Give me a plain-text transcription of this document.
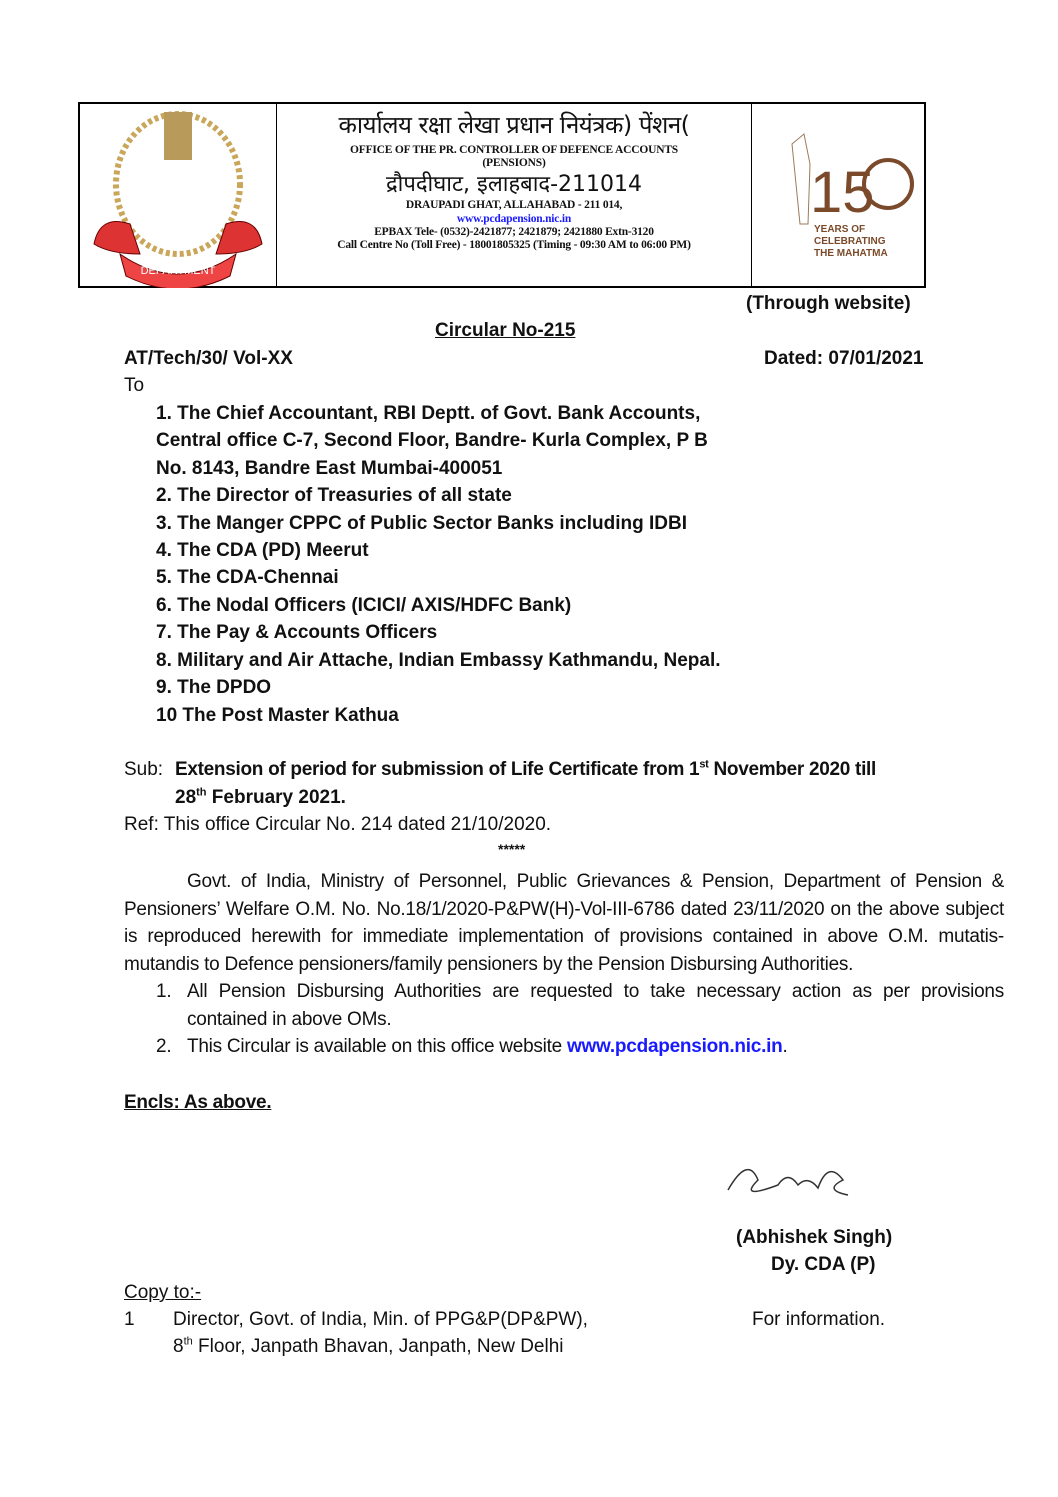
DEPARTMENT
कार्यालय रक्षा लेखा प्रधान नियंत्रक) पेंशन(
OFFICE OF THE PR. CONTROLLER OF DEFENCE ACCOUNTS
(PENSIONS)
द्रौपदीघाट, इलाहबाद-211014
DRAUPADI GHAT, ALLAHABAD - 211 014,
www.pcdapension.nic.in
EPBAX Tele- (0532)-2421877; 2421879; 2421880 Extn-3120
Call Centre No (Toll Free) - 18001805325 (Timing - 09:30 AM to 06:00 PM)
15
YEARS OF
CELEBRATING
THE MAHATMA
(Through website)
Circular No-215
AT/Tech/30/ Vol-XX	Dated: 07/01/2021
To
1. The Chief Accountant, RBI Deptt. of Govt. Bank Accounts,
Central office C-7, Second Floor, Bandre- Kurla Complex, P B
No. 8143, Bandre East Mumbai-400051
2. The Director of Treasuries of all state
3. The Manger CPPC of Public Sector Banks including IDBI
4. The CDA (PD) Meerut
5. The CDA-Chennai
6. The Nodal Officers (ICICI/ AXIS/HDFC Bank)
7. The Pay & Accounts Officers
8. Military and Air Attache, Indian Embassy Kathmandu, Nepal.
9. The DPDO
10 The Post Master Kathua
Sub: Extension of period for submission of Life Certificate from 1st November 2020 till
28th February 2021.
Ref: This office Circular No. 214 dated 21/10/2020.
*****
Govt. of India, Ministry of Personnel, Public Grievances & Pension, Department of Pension & Pensioners’ Welfare O.M. No. No.18/1/2020-P&PW(H)-Vol-III-6786 dated 23/11/2020 on the above subject is reproduced herewith for immediate implementation of provisions contained in above O.M. mutatis-mutandis to Defence pensioners/family pensioners by the Pension Disbursing Authorities.
1. All Pension Disbursing Authorities are requested to take necessary action as per provisions contained in above OMs.
2. This Circular is available on this office website www.pcdapension.nic.in.
Encls: As above.
(Abhishek Singh)
Dy. CDA (P)
Copy to:-
1 Director, Govt. of India, Min. of PPG&P(DP&PW),
8th Floor, Janpath Bhavan, Janpath, New Delhi
For information.
